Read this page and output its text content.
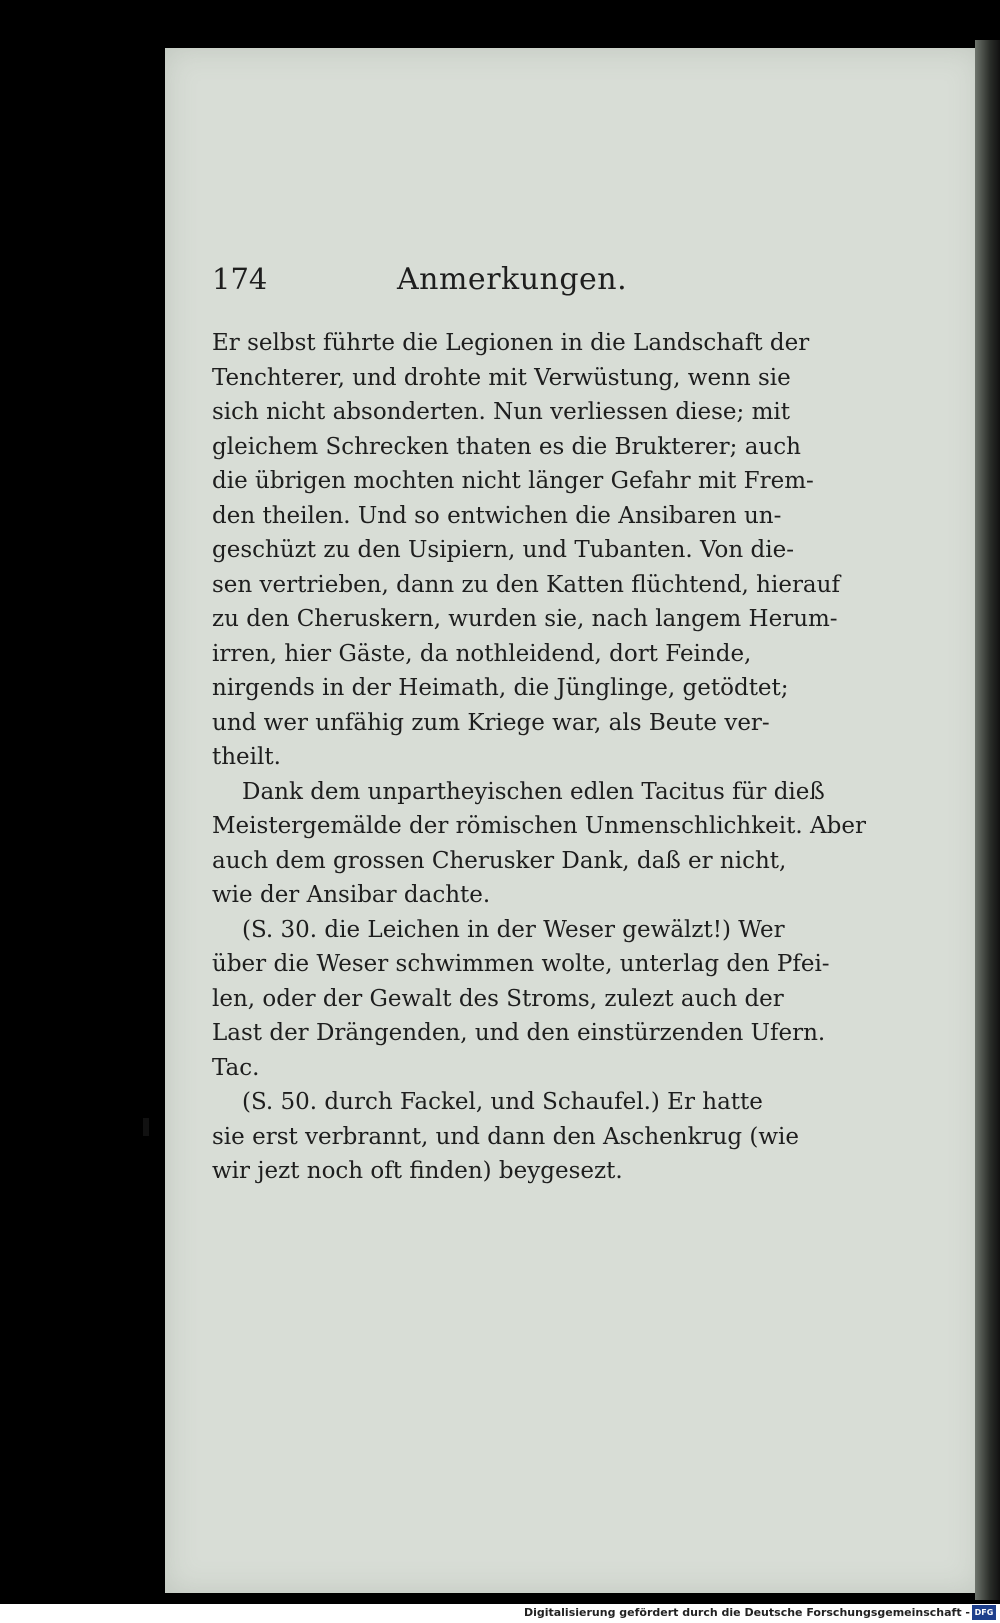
174	Anmerkungen.

Er selbst führte die Legionen in die Landschaft der
Tenchterer, und drohte mit Verwüstung, wenn sie
sich nicht absonderten. Nun verliessen diese; mit
gleichem Schrecken thaten es die Brukterer; auch
die übrigen mochten nicht länger Gefahr mit Frem-
den theilen. Und so entwichen die Ansibaren un-
geschüzt zu den Usipiern, und Tubanten. Von die-
sen vertrieben, dann zu den Katten flüchtend, hierauf
zu den Cheruskern, wurden sie, nach langem Herum-
irren, hier Gäste, da nothleidend, dort Feinde,
nirgends in der Heimath, die Jünglinge, getödtet;
und wer unfähig zum Kriege war, als Beute ver-
theilt.

Dank dem unpartheyischen edlen Tacitus für dieß
Meistergemälde der römischen Unmenschlichkeit. Aber
auch dem grossen Cherusker Dank, daß er nicht,
wie der Ansibar dachte.

(S. 30. die Leichen in der Weser gewälzt!) Wer
über die Weser schwimmen wolte, unterlag den Pfei-
len, oder der Gewalt des Stroms, zulezt auch der
Last der Drängenden, und den einstürzenden Ufern.
Tac.

(S. 50. durch Fackel, und Schaufel.) Er hatte
sie erst verbrannt, und dann den Aschenkrug (wie
wir jezt noch oft finden) beygesezt.

Digitalisierung gefördert durch die Deutsche Forschungsgemeinschaft - DFG
